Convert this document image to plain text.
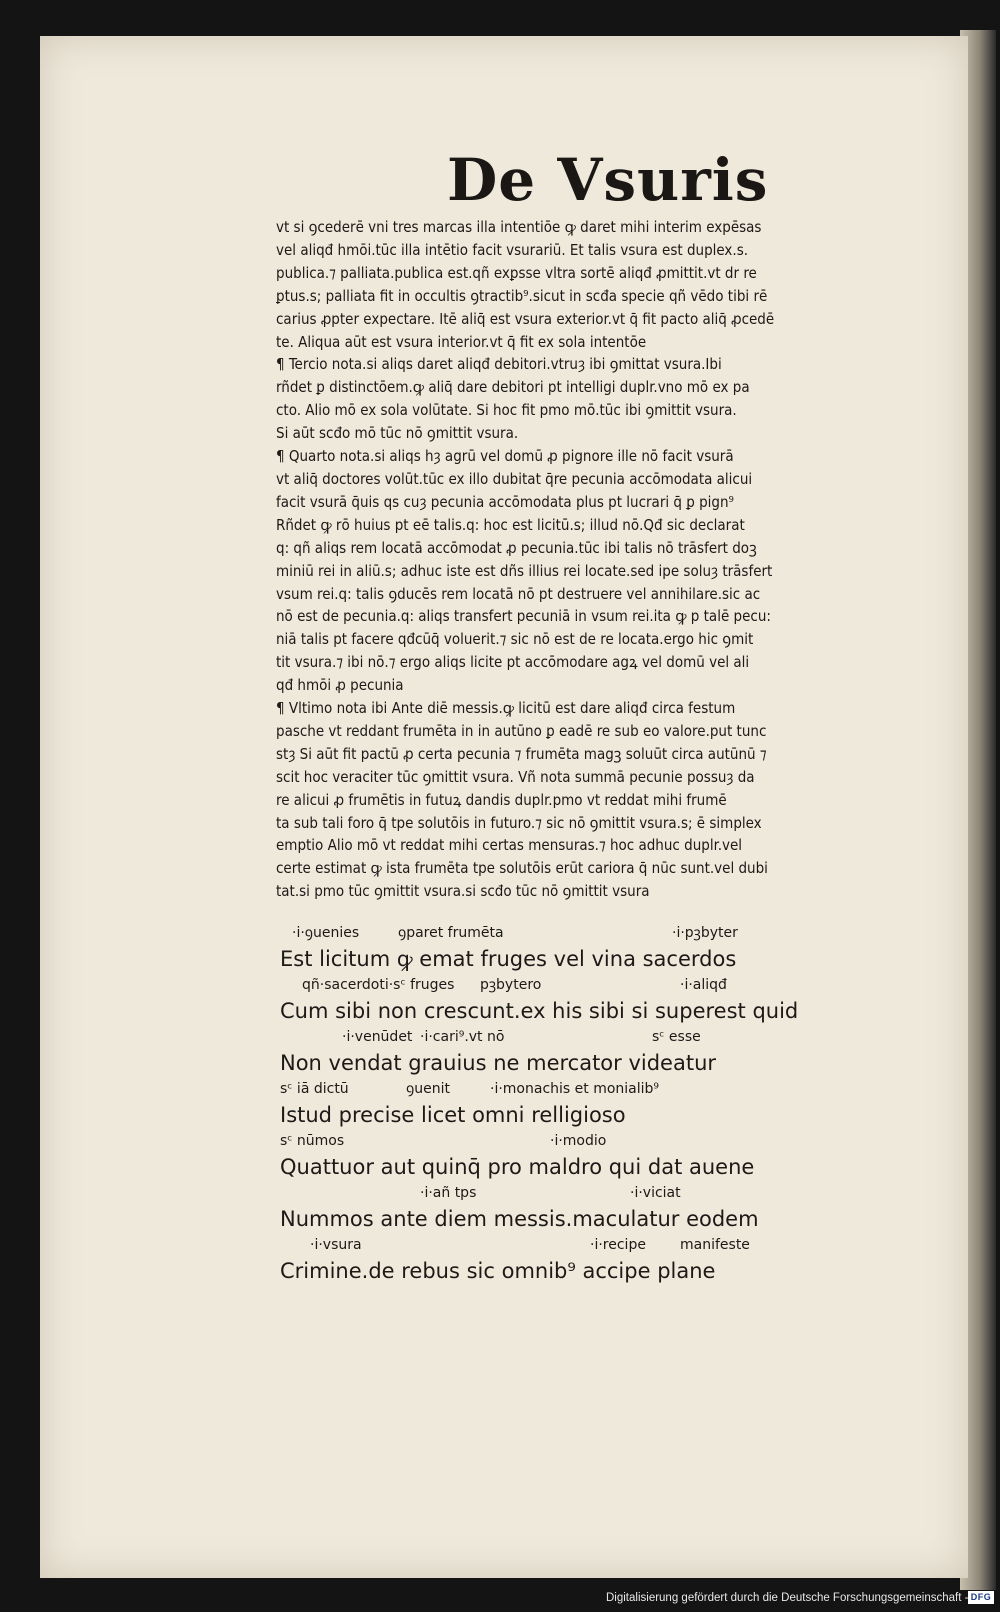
De Vsuris
vt si ꝯcederē vni tres marcas illa intentiōe ꝙ daret mihi interim expēsas
vel aliqđ hmōi.tūc illa intētio facit vsurariū. Et talis vsura est duplex.s.
publica.⁊ palliata.publica est.qñ exꝑsse vltra sortē aliqđ ꝓmittit.vt dr re
ꝑtus.s; palliata fit in occultis ꝯtractib⁹.sicut in scđa specie qñ vēdo tibi rē
carius ꝓpter expectare. Itē aliq̄ est vsura exterior.vt q̄ fit pacto aliq̄ ꝓcedē
te. Aliqua aūt est vsura interior.vt q̄ fit ex sola intentōe
¶ Tercio nota.si aliqs daret aliqđ debitori.vtruȝ ibi ꝯmittat vsura.Ibi
rñdet ꝑ distinctōem.ꝙ aliq̄ dare debitori pt intelligi duplr.vno mō ex pa
cto. Alio mō ex sola volūtate. Si hoc fit pmo mō.tūc ibi ꝯmittit vsura.
Si aūt scđo mō tūc nō ꝯmittit vsura.
¶ Quarto nota.si aliqs hȝ agrū vel domū ꝓ pignore ille nō facit vsurā
vt aliq̄ doctores volūt.tūc ex illo dubitat q̄re pecunia accōmodata alicui
facit vsurā q̄uis qs cuȝ pecunia accōmodata plus pt lucrari q̄ ꝑ pign⁹
Rñdet ꝙ rō huius pt eē talis.q: hoc est licitū.s; illud nō.Qđ sic declarat
q: qñ aliqs rem locatā accōmodat ꝓ pecunia.tūc ibi talis nō trāsfert doꝫ
miniū rei in aliū.s; adhuc iste est dñs illius rei locate.sed ipe soluȝ trāsfert
vsum rei.q: talis ꝯducēs rem locatā nō pt destruere vel annihilare.sic ac
nō est de pecunia.q: aliqs transfert pecuniā in vsum rei.ita ꝙ p talē pecu:
niā talis pt facere qđcūq̄ voluerit.⁊ sic nō est de re locata.ergo hic ꝯmit
tit vsura.⁊ ibi nō.⁊ ergo aliqs licite pt accōmodare agꝝ vel domū vel ali
qđ hmōi ꝓ pecunia
¶ Vltimo nota ibi Ante diē messis.ꝙ licitū est dare aliqđ circa festum
pasche vt reddant frumēta in in autūno ꝑ eadē re sub eo valore.put tunc
stȝ Si aūt fit pactū ꝓ certa pecunia ⁊ frumēta magꝫ soluūt circa autūnū ⁊
scit hoc veraciter tūc ꝯmittit vsura. Vñ nota summā pecunie possuȝ da
re alicui ꝓ frumētis in futuꝝ dandis duplr.pmo vt reddat mihi frumē
ta sub tali foro q̄ tpe solutōis in futuro.⁊ sic nō ꝯmittit vsura.s; ē simplex
emptio Alio mō vt reddat mihi certas mensuras.⁊ hoc adhuc duplr.vel
certe estimat ꝙ ista frumēta tpe solutōis erūt cariora q̄ nūc sunt.vel dubi
tat.si pmo tūc ꝯmittit vsura.si scđo tūc nō ꝯmittit vsura
·i·ꝯuenies	ꝯparet frumēta	·i·pꝫbyter
Est licitum ꝙ emat fruges vel vina sacerdos
qñ·sacerdoti·sᶜ fruges pꝫbytero	·i·aliqđ
Cum sibi non crescunt.ex his sibi si superest quid
·i·venūdet ·i·cari⁹.vt nō	sᶜ esse
Non vendat grauius ne mercator videatur
sᶜ iā dictū	ꝯuenit	·i·monachis et monialib⁹
Istud precise licet omni relligioso
sᶜ nūmos	·i·modio
Quattuor aut quinq̄ pro maldro qui dat auene
·i·añ tps	·i·viciat
Nummos ante diem messis.maculatur eodem
·i·vsura	·i·recipe manifeste
Crimine.de rebus sic omnib⁹ accipe plane
Digitalisierung gefördert durch die Deutsche Forschungsgemeinschaft - DFG
